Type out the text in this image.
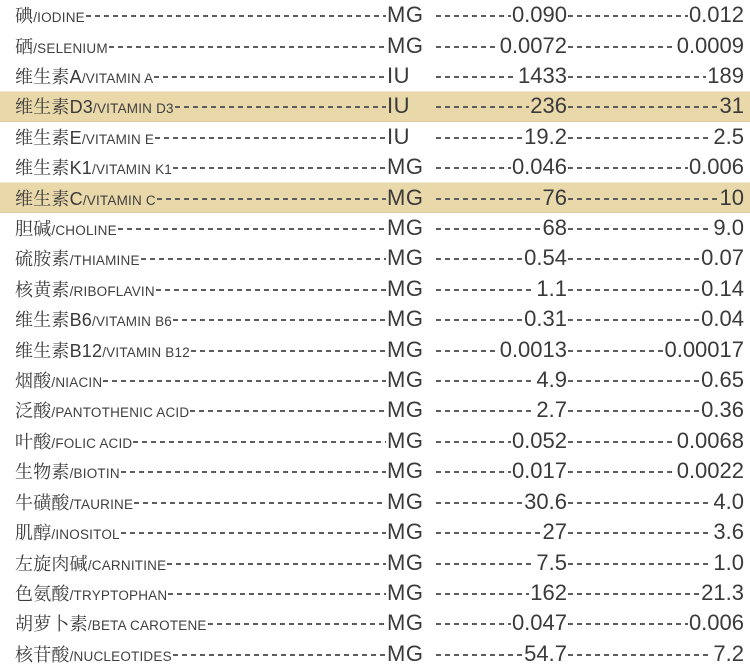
碘 /IODINE	MG	0.090	0.012
硒 /SELENIUM	MG	0.0072	0.0009
维生素A /VITAMIN A	IU	1433	189
维生素D3 /VITAMIN D3	IU	236	31
维生素E /VITAMIN E	IU	19.2	2.5
维生素K1 /VITAMIN K1	MG	0.046	0.006
维生素C /VITAMIN C	MG	76	10
胆碱 /CHOLINE	MG	68	9.0
硫胺素 /THIAMINE	MG	0.54	0.07
核黄素 /RIBOFLAVIN	MG	1.1	0.14
维生素B6 /VITAMIN B6	MG	0.31	0.04
维生素B12 /VITAMIN B12	MG	0.0013	0.00017
烟酸 /NIACIN	MG	4.9	0.65
泛酸 /PANTOTHENIC ACID	MG	2.7	0.36
叶酸 /FOLIC ACID	MG	0.052	0.0068
生物素 /BIOTIN	MG	0.017	0.0022
牛磺酸 /TAURINE	MG	30.6	4.0
肌醇 /INOSITOL	MG	27	3.6
左旋肉碱 /CARNITINE	MG	7.5	1.0
色氨酸 /TRYPTOPHAN	MG	162	21.3
胡萝卜素 /BETA CAROTENE	MG	0.047	0.006
核苷酸 /NUCLEOTIDES	MG	54.7	7.2
